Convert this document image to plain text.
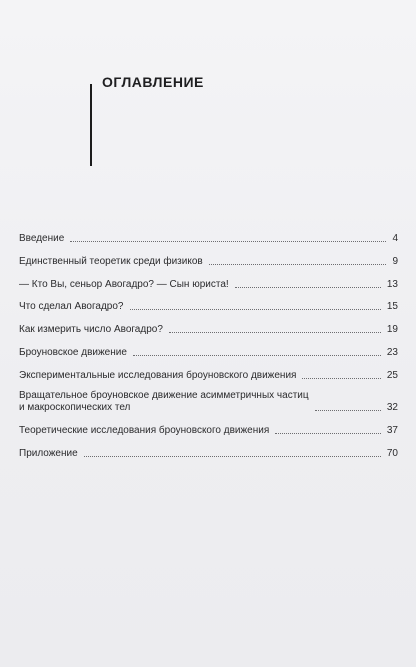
ОГЛАВЛЕНИЕ
Введение	4
Единственный теоретик среди физиков	9
— Кто Вы, сеньор Авогадро? — Сын юриста!	13
Что сделал Авогадро?	15
Как измерить число Авогадро?	19
Броуновское движение	23
Экспериментальные исследования броуновского движения	25
Вращательное броуновское движение асимметричных частиц
и макроскопических тел	32
Теоретические исследования броуновского движения	37
Приложение	70
